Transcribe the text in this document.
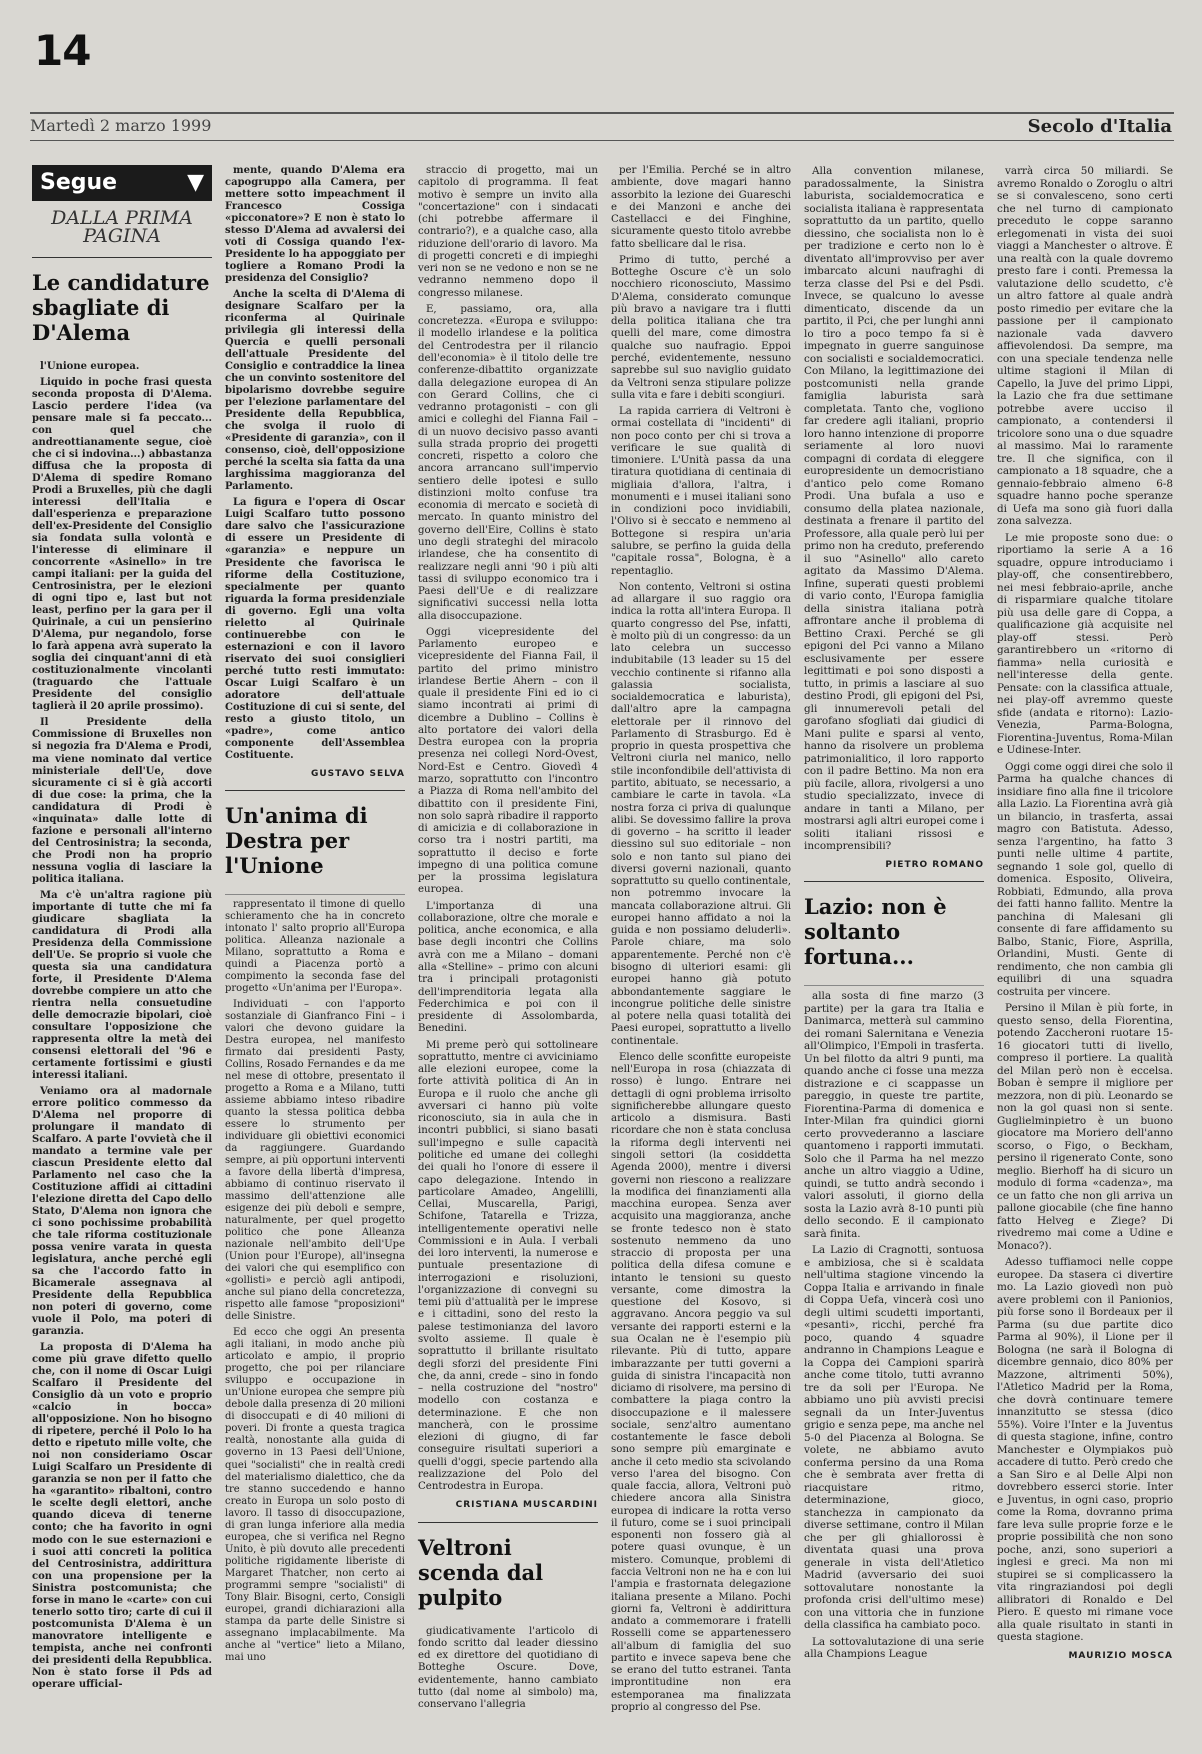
14
Martedì 2 marzo 1999	Secolo d'Italia
Segue	▼
DALLA PRIMA PAGINA
Le candidature sbagliate di D'Alema

l'Unione europea.

Liquido in poche frasi questa seconda proposta di D'Alema. Lascio perdere l'idea (va pensare male si fa peccato... con quel che andreottianamente segue, cioè che ci si indovina...) abbastanza diffusa che la proposta di D'Alema di spedire Romano Prodi a Bruxelles, più che dagli interessi dell'Italia e dall'esperienza e preparazione dell'ex-Presidente del Consiglio sia fondata sulla volontà e l'interesse di eliminare il concorrente «Asinello» in tre campi italiani: per la guida del Centrosinistra, per le elezioni di ogni tipo e, last but not least, perfino per la gara per il Quirinale, a cui un pensierino D'Alema, pur negandolo, forse lo farà appena avrà superato la soglia dei cinquant'anni di età costituzionalmente vincolanti (traguardo che l'attuale Presidente del consiglio taglierà il 20 aprile prossimo).

Il Presidente della Commissione di Bruxelles non si negozia fra D'Alema e Prodi, ma viene nominato dal vertice ministeriale dell'Ue, dove sicuramente ci si è già accorti di due cose: la prima, che la candidatura di Prodi è «inquinata» dalle lotte di fazione e personali all'interno del Centrosinistra; la seconda, che Prodi non ha proprio nessuna voglia di lasciare la politica italiana.

Ma c'è un'altra ragione più importante di tutte che mi fa giudicare sbagliata la candidatura di Prodi alla Presidenza della Commissione dell'Ue. Se proprio si vuole che questa sia una candidatura forte, il Presidente D'Alema dovrebbe compiere un atto che rientra nella consuetudine delle democrazie bipolari, cioè consultare l'opposizione che rappresenta oltre la metà dei consensi elettorali del '96 e certamente fortissimi e giusti interessi italiani.

Veniamo ora al madornale errore politico commesso da D'Alema nel proporre di prolungare il mandato di Scalfaro. A parte l'ovvietà che il mandato a termine vale per ciascun Presidente eletto dal Parlamento nel caso che la Costituzione affidi ai cittadini l'elezione diretta del Capo dello Stato, D'Alema non ignora che ci sono pochissime probabilità che tale riforma costituzionale possa venire varata in questa legislatura, anche perché egli sa che l'accordo fatto in Bicamerale assegnava al Presidente della Repubblica non poteri di governo, come vuole il Polo, ma poteri di garanzia.

La proposta di D'Alema ha come più grave difetto quello che, con il nome di Oscar Luigi Scalfaro il Presidente del Consiglio dà un voto e proprio «calcio in bocca» all'opposizione. Non ho bisogno di ripetere, perché il Polo lo ha detto e ripetuto mille volte, che noi non consideriamo Oscar Luigi Scalfaro un Presidente di garanzia se non per il fatto che ha «garantito» ribaltoni, contro le scelte degli elettori, anche quando diceva di tenerne conto; che ha favorito in ogni modo con le sue esternazioni e i suoi atti concreti la politica del Centrosinistra, addirittura con una propensione per la Sinistra postcomunista; che forse in mano le «carte» con cui tenerlo sotto tiro; carte di cui il postcomunista D'Alema è un manovratore intelligente e tempista, anche nei confronti dei presidenti della Repubblica. Non è stato forse il Pds ad operare ufficial-

mente, quando D'Alema era capogruppo alla Camera, per mettere sotto impeachment il Francesco Cossiga «picconatore»? E non è stato lo stesso D'Alema ad avvalersi dei voti di Cossiga quando l'ex-Presidente lo ha appoggiato per togliere a Romano Prodi la presidenza del Consiglio?

Anche la scelta di D'Alema di designare Scalfaro per la riconferma al Quirinale privilegia gli interessi della Quercia e quelli personali dell'attuale Presidente del Consiglio e contraddice la linea che un convinto sostenitore del bipolarismo dovrebbe seguire per l'elezione parlamentare del Presidente della Repubblica, che svolga il ruolo di «Presidente di garanzia», con il consenso, cioè, dell'opposizione perché la scelta sia fatta da una larghissima maggioranza del Parlamento.

La figura e l'opera di Oscar Luigi Scalfaro tutto possono dare salvo che l'assicurazione di essere un Presidente di «garanzia» e neppure un Presidente che favorisca le riforme della Costituzione, specialmente per quanto riguarda la forma presidenziale di governo. Egli una volta rieletto al Quirinale continuerebbe con le esternazioni e con il lavoro riservato dei suoi consiglieri perché tutto resti immutato: Oscar Luigi Scalfaro è un adoratore dell'attuale Costituzione di cui si sente, del resto a giusto titolo, un «padre», come antico componente dell'Assemblea Costituente.

GUSTAVO SELVA
Un'anima di Destra per l'Unione

rappresentato il timone di quello schieramento che ha in concreto intonato l' salto proprio all'Europa politica. Alleanza nazionale a Milano, soprattutto a Roma e quindi a Piacenza portò a compimento la seconda fase del progetto «Un'anima per l'Europa».

Individuati – con l'apporto sostanziale di Gianfranco Fini – i valori che devono guidare la Destra europea, nel manifesto firmato dai presidenti Pasty, Collins, Rosado Fernandes e da me nel mese di ottobre, presentato il progetto a Roma e a Milano, tutti assieme abbiamo inteso ribadire quanto la stessa politica debba essere lo strumento per individuare gli obiettivi economici da raggiungere. Guardando sempre, ai più opportuni interventi a favore della libertà d'impresa, abbiamo di continuo riservato il massimo dell'attenzione alle esigenze dei più deboli e sempre, naturalmente, per quel progetto politico che pone Alleanza nazionale nell'ambito dell'Upe (Union pour l'Europe), all'insegna dei valori che qui esemplifico con «gollisti» e perciò agli antipodi, anche sul piano della concretezza, rispetto alle famose "proposizioni" delle Sinistre.

Ed ecco che oggi An presenta agli italiani, in modo anche più articolato e ampio, il proprio progetto, che poi per rilanciare sviluppo e occupazione in un'Unione europea che sempre più debole dalla presenza di 20 milioni di disoccupati e di 40 milioni di poveri. Di fronte a questa tragica realtà, nonostante alla guida di governo in 13 Paesi dell'Unione, quei "socialisti" che in realtà credi del materialismo dialettico, che da tre stanno succedendo e hanno creato in Europa un solo posto di lavoro. Il tasso di disoccupazione, di gran lunga inferiore alla media europea, che si verifica nel Regno Unito, è più dovuto alle precedenti politiche rigidamente liberiste di Margaret Thatcher, non certo ai programmi sempre "socialisti" di Tony Blair. Bisogni, certo, Consigli europei, grandi dichiarazioni alla stampa da parte delle Sinistre si assegnano implacabilmente. Ma anche al "vertice" lieto a Milano, mai uno

straccio di progetto, mai un capitolo di programma. Il feat motivo è sempre un invito alla "concertazione" con i sindacati (chi potrebbe affermare il contrario?), e a qualche caso, alla riduzione dell'orario di lavoro. Ma di progetti concreti e di impieghi veri non se ne vedono e non se ne vedranno nemmeno dopo il congresso milanese.

E, passiamo, ora, alla concretezza. «Europa e sviluppo: il modello irlandese e la politica del Centrodestra per il rilancio dell'economia» è il titolo delle tre conferenze-dibattito organizzate dalla delegazione europea di An con Gerard Collins, che ci vedranno protagonisti – con gli amici e colleghi del Fianna Fail – di un nuovo decisivo passo avanti sulla strada proprio dei progetti concreti, rispetto a coloro che ancora arrancano sull'impervio sentiero delle ipotesi e sullo distinzioni molto confuse tra economia di mercato e società di mercato. In quanto ministro del governo dell'Eire, Collins è stato uno degli strateghi del miracolo irlandese, che ha consentito di realizzare negli anni '90 i più alti tassi di sviluppo economico tra i Paesi dell'Ue e di realizzare significativi successi nella lotta alla disoccupazione.

Oggi vicepresidente del Parlamento europeo e vicepresidente del Fianna Fail, il partito del primo ministro irlandese Bertie Ahern – con il quale il presidente Fini ed io ci siamo incontrati ai primi di dicembre a Dublino – Collins è alto portatore dei valori della Destra europea con la propria presenza nei collegi Nord-Ovest, Nord-Est e Centro. Giovedì 4 marzo, soprattutto con l'incontro a Piazza di Roma nell'ambito del dibattito con il presidente Fini, non solo saprà ribadire il rapporto di amicizia e di collaborazione in corso tra i nostri partiti, ma soprattutto il deciso e forte impegno di una politica comune per la prossima legislatura europea.

L'importanza di una collaborazione, oltre che morale e politica, anche economica, e alla base degli incontri che Collins avrà con me a Milano – domani alla «Stelline» – primo con alcuni tra i principali protagonisti dell'imprenditoria legata alla Federchimica e poi con il presidente di Assolombarda, Benedini.

Mi preme però qui sottolineare soprattutto, mentre ci avviciniamo alle elezioni europee, come la forte attività politica di An in Europa e il ruolo che anche gli avversari ci hanno più volte riconosciuto, sia in aula che in incontri pubblici, si siano basati sull'impegno e sulle capacità politiche ed umane dei colleghi dei quali ho l'onore di essere il capo delegazione. Intendo in particolare Amadeo, Angelilli, Cellai, Muscarella, Parigi, Schifone, Tatarella e Trizza, intelligentemente operativi nelle Commissioni e in Aula. I verbali dei loro interventi, la numerose e puntuale presentazione di interrogazioni e risoluzioni, l'organizzazione di convegni su temi più d'attualità per le imprese e i cittadini, sono del resto la palese testimonianza del lavoro svolto assieme. Il quale è soprattutto il brillante risultato degli sforzi del presidente Fini che, da anni, crede – sino in fondo – nella costruzione del "nostro" modello con costanza e determinazione. E che non mancherà, con le prossime elezioni di giugno, di far conseguire risultati superiori a quelli d'oggi, specie partendo alla realizzazione del Polo del Centrodestra in Europa.

CRISTIANA MUSCARDINI
Veltroni scenda dal pulpito

giudicativamente l'articolo di fondo scritto dal leader diessino ed ex direttore del quotidiano di Botteghe Oscure. Dove, evidentemente, hanno cambiato tutto (dal nome al simbolo) ma, conservano l'allegria

per l'Emilia. Perché se in altro ambiente, dove magari hanno assorbito la lezione dei Guareschi e dei Manzoni e anche dei Castellacci e dei Finghine, sicuramente questo titolo avrebbe fatto sbellicare dal le risa.

Primo di tutto, perché a Botteghe Oscure c'è un solo nocchiero riconosciuto, Massimo D'Alema, considerato comunque più bravo a navigare tra i flutti della politica italiana che tra quelli del mare, come dimostra qualche suo naufragio. Eppoi perché, evidentemente, nessuno saprebbe sul suo naviglio guidato da Veltroni senza stipulare polizze sulla vita e fare i debiti scongiuri.

La rapida carriera di Veltroni è ormai costellata di "incidenti" di non poco conto per chi si trova a verificare le sue qualità di timoniere. L'Unità passa da una tiratura quotidiana di centinaia di migliaia d'allora, l'altra, i monumenti e i musei italiani sono in condizioni poco invidiabili, l'Olivo si è seccato e nemmeno al Bottegone si respira un'aria salubre, se perfino la guida della "capitale rossa", Bologna, è a repentaglio.

Non contento, Veltroni si ostina ad allargare il suo raggio ora indica la rotta all'intera Europa. Il quarto congresso del Pse, infatti, è molto più di un congresso: da un lato celebra un successo indubitabile (13 leader su 15 del vecchio continente si rifanno alla galassia socialista, socialdemocratica e laburista), dall'altro apre la campagna elettorale per il rinnovo del Parlamento di Strasburgo. Ed è proprio in questa prospettiva che Veltroni ciurla nel manico, nello stile inconfondibile dell'attivista di partito, abituato, se necessario, a cambiare le carte in tavola. «La nostra forza ci priva di qualunque alibi. Se dovessimo fallire la prova di governo – ha scritto il leader diessino sul suo editoriale – non solo e non tanto sul piano dei diversi governi nazionali, quanto soprattutto su quello continentale, non potremmo invocare la mancata collaborazione altrui. Gli europei hanno affidato a noi la guida e non possiamo deluderli». Parole chiare, ma solo apparentemente. Perché non c'è bisogno di ulteriori esami: gli europei hanno già potuto abbondantemente saggiare le incongrue politiche delle sinistre al potere nella quasi totalità dei Paesi europei, soprattutto a livello continentale.

Elenco delle sconfitte europeiste nell'Europa in rosa (chiazzata di rosso) è lungo. Entrare nei dettagli di ogni problema irrisolto significherebbe allungare questo articolo a dismisura. Basti ricordare che non è stata conclusa la riforma degli interventi nei singoli settori (la cosiddetta Agenda 2000), mentre i diversi governi non riescono a realizzare la modifica dei finanziamenti alla macchina europea. Senza aver acquisito una maggioranza, anche se fronte tedesco non è stato sostenuto nemmeno da uno straccio di proposta per una politica della difesa comune e intanto le tensioni su questo versante, come dimostra la questione del Kosovo, si aggravano. Ancora peggio va sul versante dei rapporti esterni e la sua Ocalan ne è l'esempio più rilevante. Più di tutto, appare imbarazzante per tutti governi a guida di sinistra l'incapacità non diciamo di risolvere, ma persino di combattere la piaga contro la disoccupazione e il malessere sociale, senz'altro aumentano costantemente le fasce deboli sono sempre più emarginate e anche il ceto medio sta scivolando verso l'area del bisogno. Con quale faccia, allora, Veltroni può chiedere ancora alla Sinistra europea di indicare la rotta verso il futuro, come se i suoi principali esponenti non fossero già al potere quasi ovunque, è un mistero. Comunque, problemi di faccia Veltroni non ne ha e con lui l'ampia e frastornata delegazione italiana presente a Milano. Pochi giorni fa, Veltroni è addirittura andato a commemorare i fratelli Rosselli come se appartenessero all'album di famiglia del suo partito e invece sapeva bene che se erano del tutto estranei. Tanta improntitudine non era estemporanea ma finalizzata proprio al congresso del Pse.

Alla convention milanese, paradossalmente, la Sinistra laburista, socialdemocratica e socialista italiana è rappresentata soprattutto da un partito, quello diessino, che socialista non lo è per tradizione e certo non lo è diventato all'improvviso per aver imbarcato alcuni naufraghi di terza classe del Psi e del Psdi. Invece, se qualcuno lo avesse dimenticato, discende da un partito, il Pci, che per lunghi anni lo tiro a poco tempo fa si è impegnato in guerre sanguinose con socialisti e socialdemocratici. Con Milano, la legittimazione dei postcomunisti nella grande famiglia laburista sarà completata. Tanto che, vogliono far credere agli italiani, proprio loro hanno intenzione di proporre seriamente al loro nuovi compagni di cordata di eleggere europresidente un democristiano d'antico pelo come Romano Prodi. Una bufala a uso e consumo della platea nazionale, destinata a frenare il partito del Professore, alla quale però lui per primo non ha creduto, preferendo il suo "Asinello" allo careto agitato da Massimo D'Alema. Infine, superati questi problemi di vario conto, l'Europa famiglia della sinistra italiana potrà affrontare anche il problema di Bettino Craxi. Perché se gli epigoni del Pci vanno a Milano esclusivamente per essere legittimati e poi sono disposti a tutto, in primis a lasciare al suo destino Prodi, gli epigoni del Psi, gli innumerevoli petali del garofano sfogliati dai giudici di Mani pulite e sparsi al vento, hanno da risolvere un problema patrimonialitico, il loro rapporto con il padre Bettino. Ma non era più facile, allora, rivolgersi a uno studio specializzato, invece di andare in tanti a Milano, per mostrarsi agli altri europei come i soliti italiani rissosi e incomprensibili?

PIETRO ROMANO
Lazio: non è soltanto fortuna...

alla sosta di fine marzo (3 partite) per la gara tra Italia e Danimarca, metterà sul cammino dei romani Salernitana e Venezia all'Olimpico, l'Empoli in trasferta. Un bel filotto da altri 9 punti, ma quando anche ci fosse una mezza distrazione e ci scappasse un pareggio, in queste tre partite, Fiorentina-Parma di domenica e Inter-Milan fra quindici giorni certo provvederanno a lasciare quantomeno i rapporti immutati. Solo che il Parma ha nel mezzo anche un altro viaggio a Udine, quindi, se tutto andrà secondo i valori assoluti, il giorno della sosta la Lazio avrà 8-10 punti più dello secondo. E il campionato sarà finita.

La Lazio di Cragnotti, sontuosa e ambiziosa, che si è scaldata nell'ultima stagione vincendo la Coppa Italia e arrivando in finale di Coppa Uefa, vincerà così uno degli ultimi scudetti importanti, «pesanti», ricchi, perché fra poco, quando 4 squadre andranno in Champions League e la Coppa dei Campioni sparirà anche come titolo, tutti avranno tre da soli per l'Europa. Ne abbiamo uno più avvisti precisi segnali da un Inter-Juventus grigio e senza pepe, ma anche nel 5-0 del Piacenza al Bologna. Se volete, ne abbiamo avuto conferma persino da una Roma che è sembrata aver fretta di riacquistare ritmo, determinazione, gioco, stanchezza in campionato da diverse settimane, contro il Milan che per gli ghiallorossi è diventata quasi una prova generale in vista dell'Atletico Madrid (avversario dei suoi sottovalutare nonostante la profonda crisi dell'ultimo mese) con una vittoria che in funzione della classifica ha cambiato poco.

La sottovalutazione di una serie alla Champions League

varrà circa 50 miliardi. Se avremo Ronaldo o Zoroglu o altri se si convalesceno, sono certi che nel turno di campionato preceduto le coppe saranno erlegomenati in vista dei suoi viaggi a Manchester o altrove. È una realtà con la quale dovremo presto fare i conti. Premessa la valutazione dello scudetto, c'è un altro fattore al quale andrà posto rimedio per evitare che la passione per il campionato nazionale vada davvero affievolendosi. Da sempre, ma con una speciale tendenza nelle ultime stagioni il Milan di Capello, la Juve del primo Lippi, la Lazio che fra due settimane potrebbe avere ucciso il campionato, a contendersi il tricolore sono una o due squadre al massimo. Mai lo raramente tre. Il che significa, con il campionato a 18 squadre, che a gennaio-febbraio almeno 6-8 squadre hanno poche speranze di Uefa ma sono già fuori dalla zona salvezza.

Le mie proposte sono due: o riportiamo la serie A a 16 squadre, oppure introduciamo i play-off, che consentirebbero, nei mesi febbraio-aprile, anche di risparmiare qualche titolare più usa delle gare di Coppa, a qualificazione già acquisite nel play-off stessi. Però garantirebbero un «ritorno di fiamma» nella curiosità e nell'interesse della gente. Pensate: con la classifica attuale, nei play-off avremmo queste sfide (andata e ritorno): Lazio-Venezia, Parma-Bologna, Fiorentina-Juventus, Roma-Milan e Udinese-Inter.

Oggi come oggi direi che solo il Parma ha qualche chances di insidiare fino alla fine il tricolore alla Lazio. La Fiorentina avrà già un bilancio, in trasferta, assai magro con Batistuta. Adesso, senza l'argentino, ha fatto 3 punti nelle ultime 4 partite, segnando 1 sole gol, quello di domenica. Esposito, Oliveira, Robbiati, Edmundo, alla prova dei fatti hanno fallito. Mentre la panchina di Malesani gli consente di fare affidamento su Balbo, Stanic, Fiore, Asprilla, Orlandini, Musti. Gente di rendimento, che non cambia gli equilibri di una squadra costruita per vincere.

Persino il Milan è più forte, in questo senso, della Fiorentina, potendo Zaccheroni ruotare 15-16 giocatori tutti di livello, compreso il portiere. La qualità del Milan però non è eccelsa. Boban è sempre il migliore per mezzora, non di più. Leonardo se non la gol quasi non si sente. Guglielminpietro è un buono giocatore ma Moriero dell'anno scorso, o Figo, o Beckham, persino il rigenerato Conte, sono meglio. Bierhoff ha di sicuro un modulo di forma «cadenza», ma ce un fatto che non gli arriva un pallone giocabile (che fine hanno fatto Helveg e Ziege? Di rivedremo mai come a Udine e Monaco?).

Adesso tuffiamoci nelle coppe europee. Da stasera ci divertire mo. La Lazio giovedì non può avere problemi con il Panionios, più forse sono il Bordeaux per il Parma (su due partite dico Parma al 90%), il Lione per il Bologna (ne sarà il Bologna di dicembre gennaio, dico 80% per Mazzone, altrimenti 50%), l'Atletico Madrid per la Roma, che dovrà continuare temere innanzitutto se stessa (dico 55%). Voire l'Inter e la Juventus di questa stagione, infine, contro Manchester e Olympiakos può accadere di tutto. Però credo che a San Siro e al Delle Alpi non dovrebbero esserci storie. Inter e Juventus, in ogni caso, proprio come la Roma, dovranno prima fare leva sulle proprie forze e le proprie possibilità che non sono poche, anzi, sono superiori a inglesi e greci. Ma non mi stupirei se si complicassero la vita ringraziandosi poi degli allibratori di Ronaldo e Del Piero. E questo mi rimane voce alla quale risultato in stanti in questa stagione.

MAURIZIO MOSCA
